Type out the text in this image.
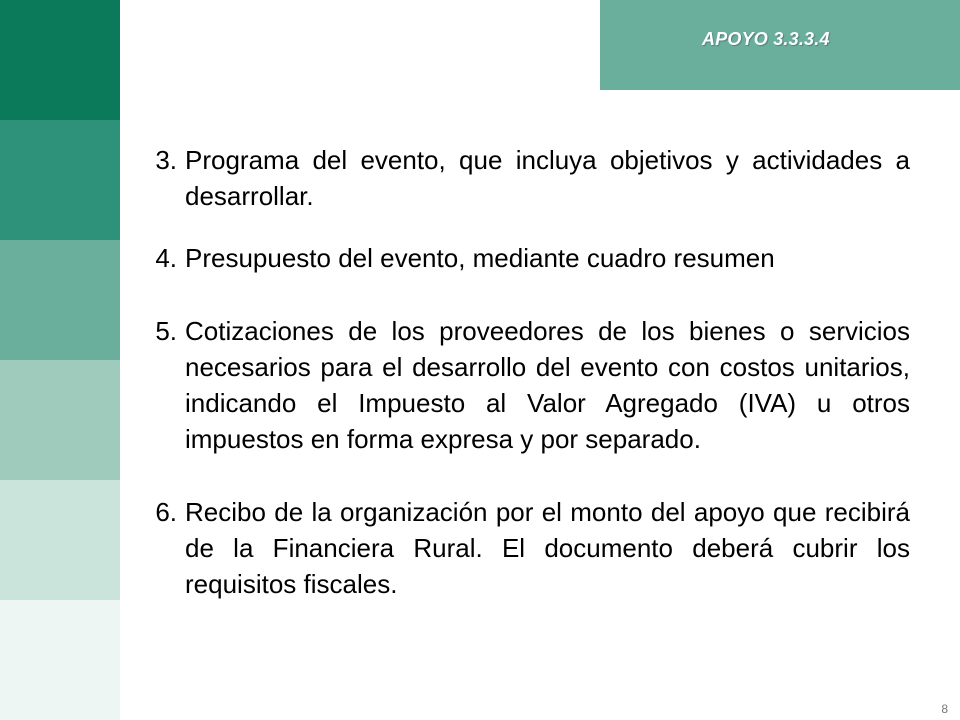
APOYO 3.3.3.4
3. Programa del evento, que incluya objetivos y actividades a desarrollar.
4. Presupuesto del evento, mediante cuadro resumen
5. Cotizaciones de los proveedores de los bienes o servicios necesarios para el desarrollo del evento con costos unitarios, indicando el Impuesto al Valor Agregado (IVA) u otros impuestos en forma expresa y por separado.
6. Recibo de la organización por el monto del apoyo que recibirá de la Financiera Rural. El documento deberá cubrir los requisitos fiscales.
8
